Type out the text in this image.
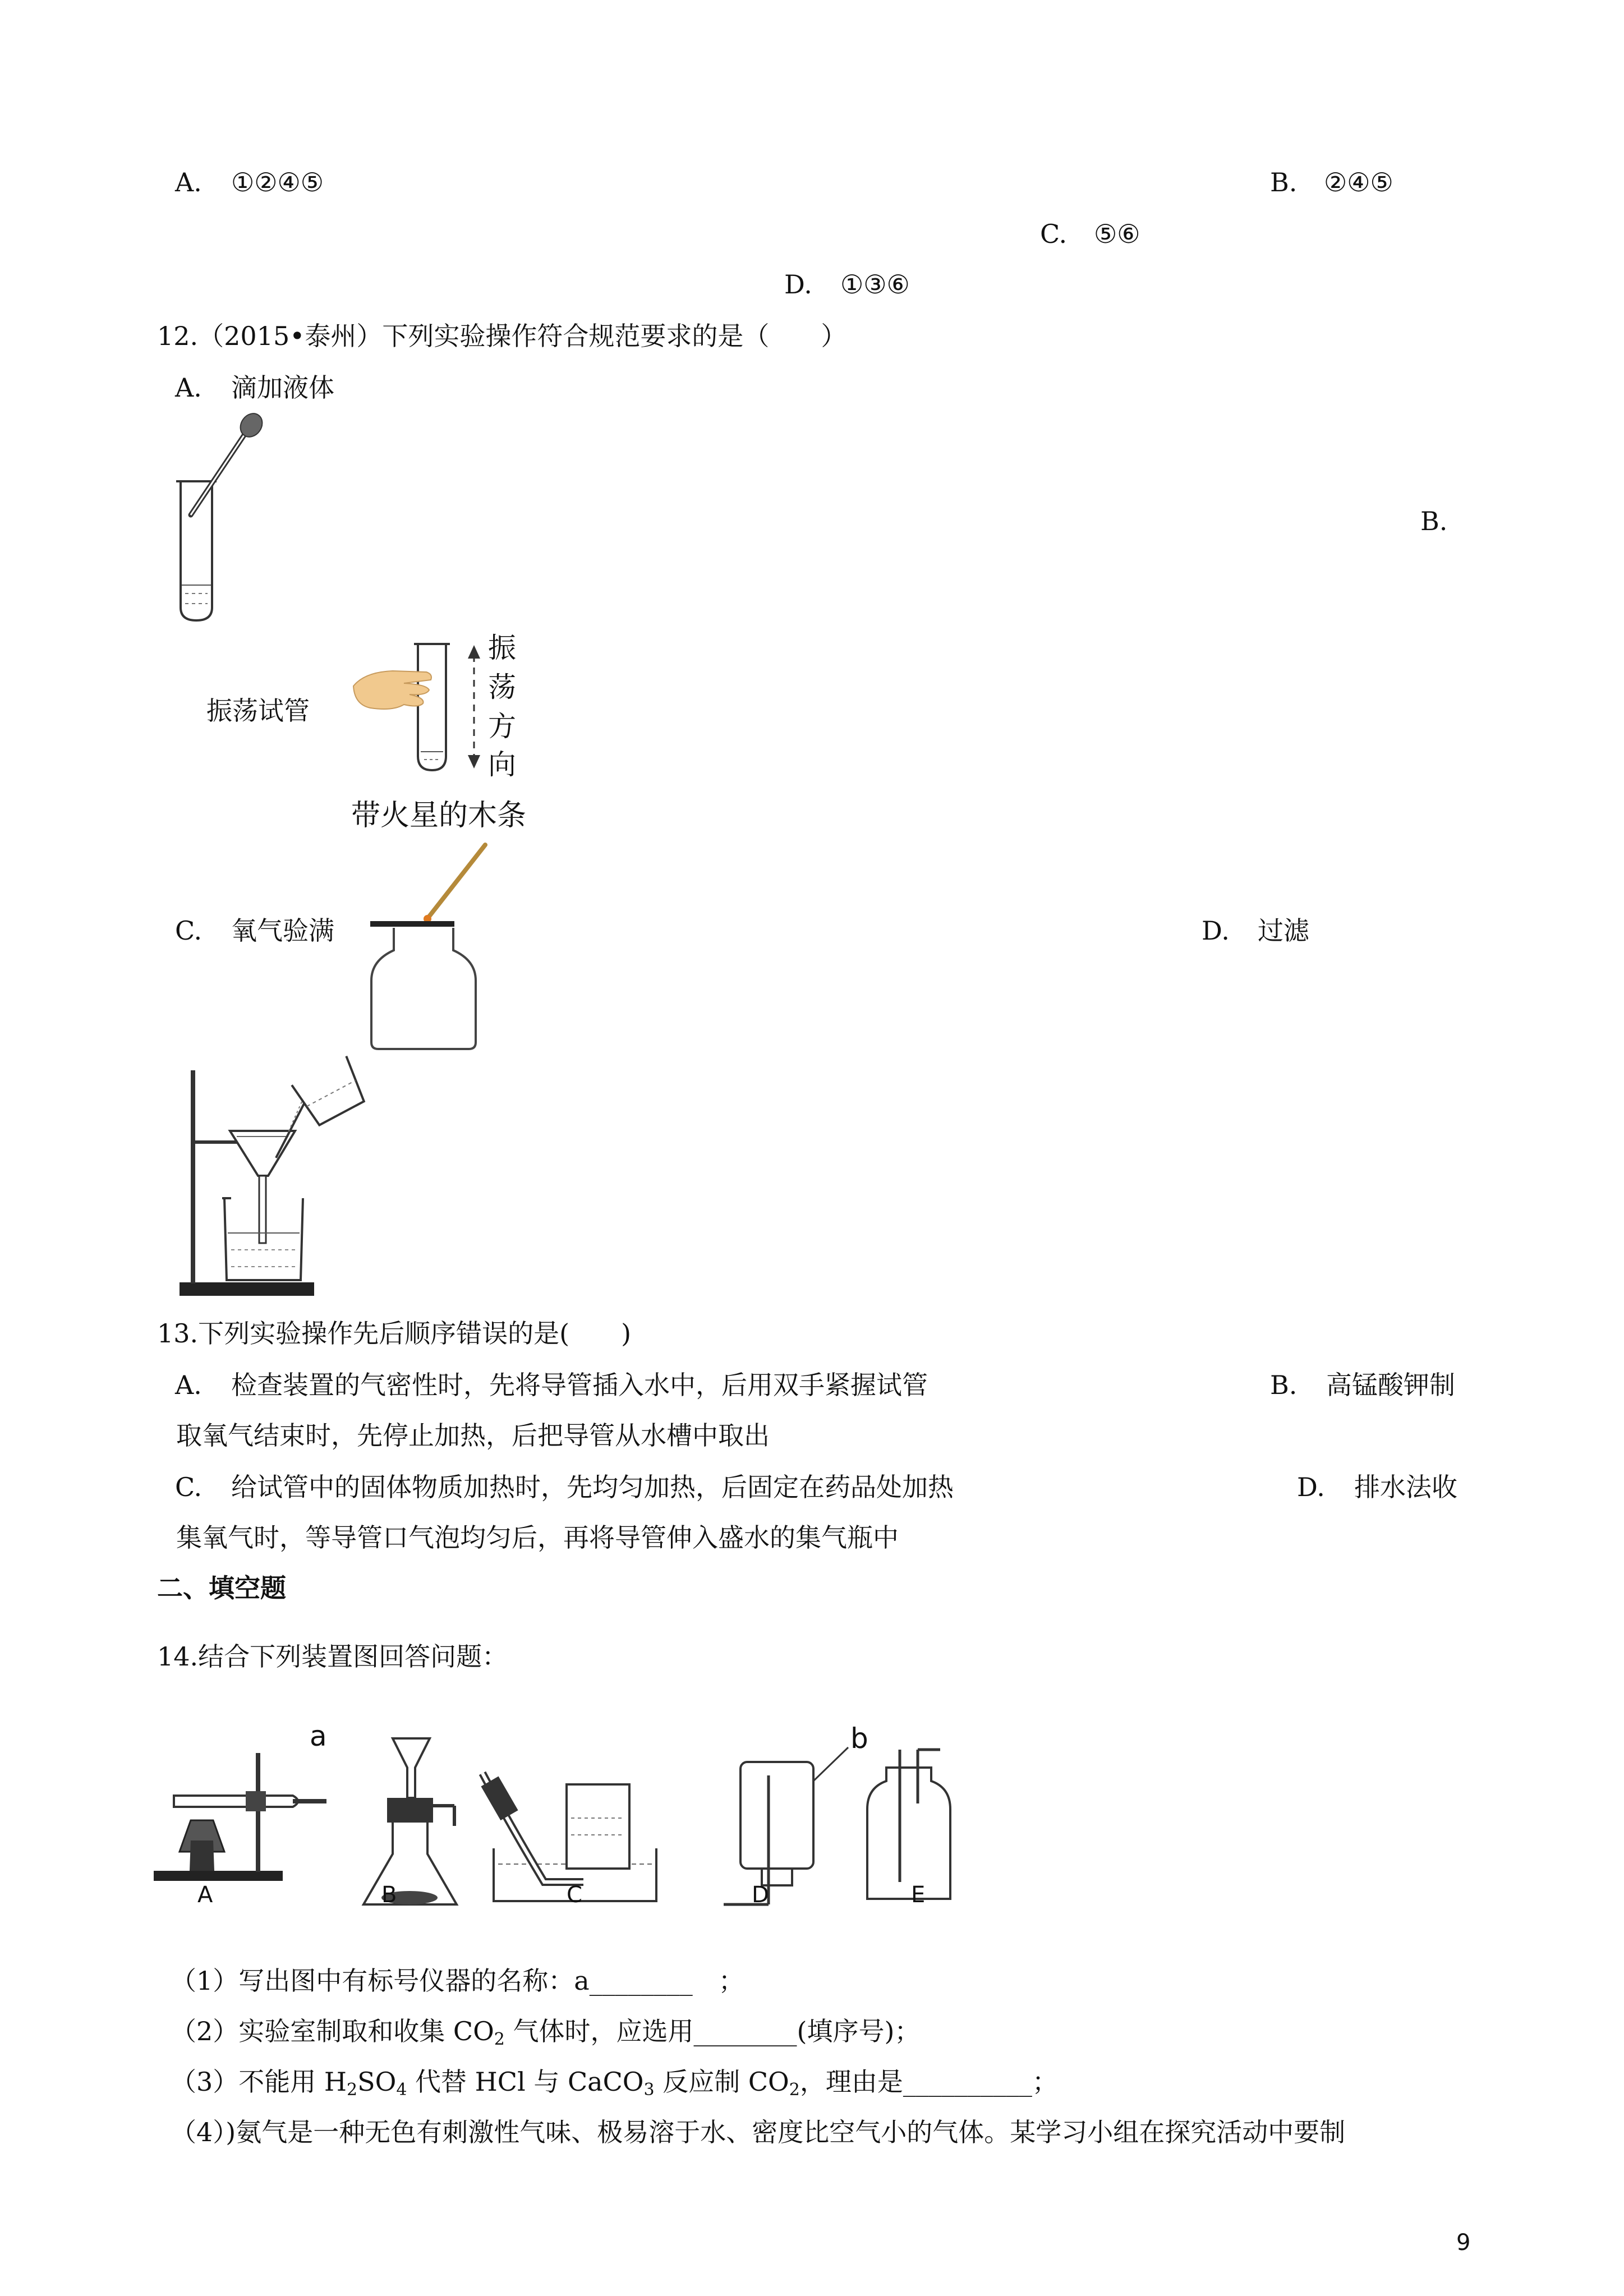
A. ①②④⑤	B. ②④⑤
C. ⑤⑥
D. ①③⑥
12.（2015•泰州）下列实验操作符合规范要求的是（　　）
A. 滴加液体
B.
振荡试管
振
荡
方
向
带火星的木条
C. 氧气验满	D. 过滤
13.下列实验操作先后顺序错误的是(　　)
A. 检查装置的气密性时，先将导管插入水中，后用双手紧握试管	B. 高锰酸钾制
取氧气结束时，先停止加热，后把导管从水槽中取出
C. 给试管中的固体物质加热时，先均匀加热，后固定在药品处加热	D. 排水法收
集氧气时，等导管口气泡均匀后，再将导管伸入盛水的集气瓶中
二、填空题
14.结合下列装置图回答问题：
a	b
A	B	C	D	E
（1）写出图中有标号仪器的名称：a________　；
（2）实验室制取和收集 $CO_2$ 气体时，应选用________(填序号)；
（3）不能用 $H_2SO_4$ 代替 HCl 与 CaCO$_3$ 反应制 $CO_2$，理由是__________；
（4）)氨气是一种无色有刺激性气味、极易溶于水、密度比空气小的气体。某学习小组在探究活动中要制
9
